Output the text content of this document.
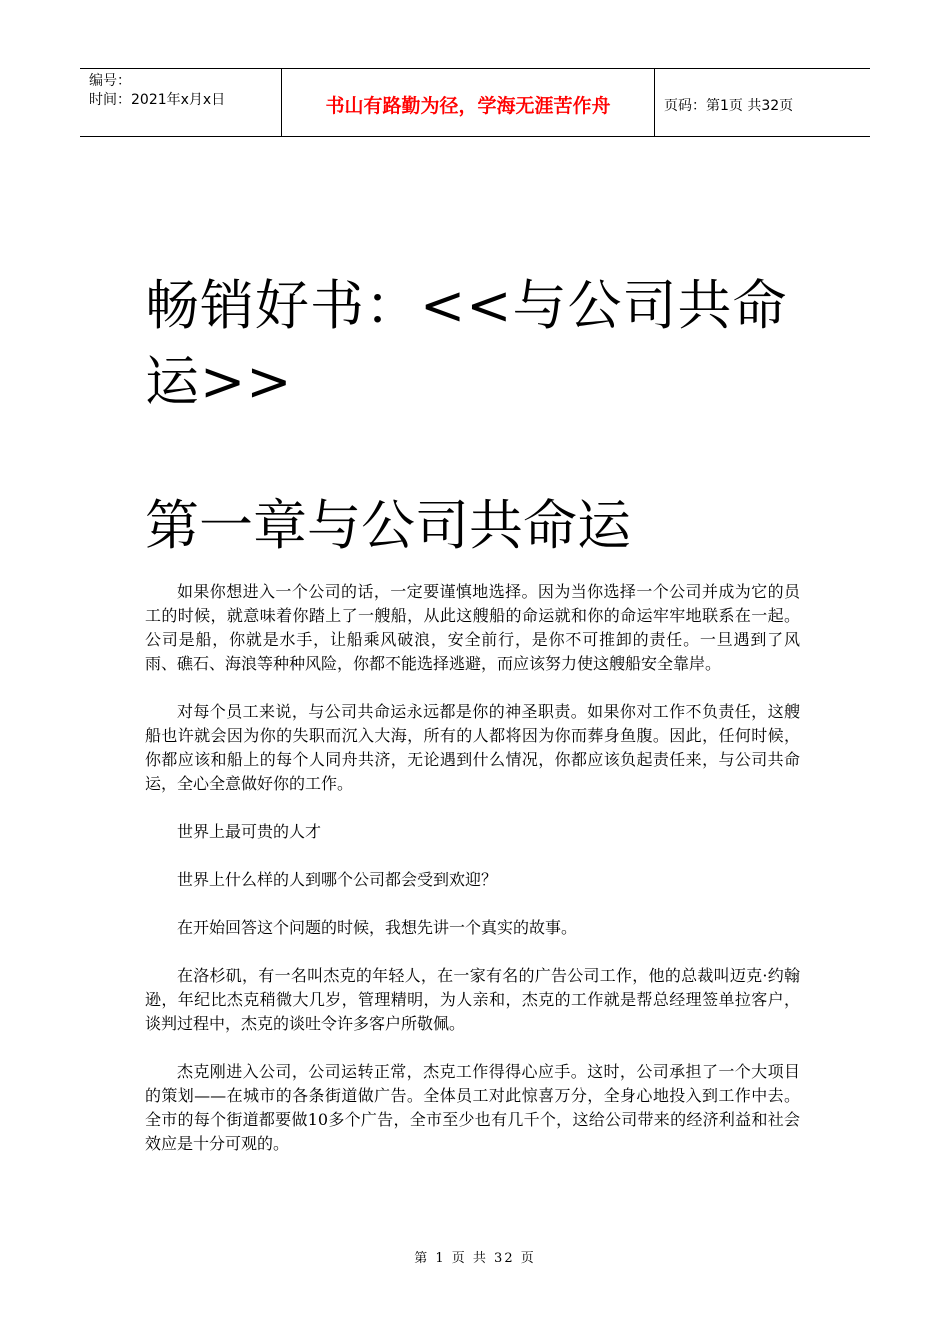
编号：
时间：2021年x月x日	书山有路勤为径，学海无涯苦作舟	页码：第1页 共32页
畅销好书：<<与公司共命运>>
第一章与公司共命运

如果你想进入一个公司的话，一定要谨慎地选择。因为当你选择一个公司并成为它的员工的时候，就意味着你踏上了一艘船，从此这艘船的命运就和你的命运牢牢地联系在一起。公司是船，你就是水手，让船乘风破浪，安全前行，是你不可推卸的责任。一旦遇到了风雨、礁石、海浪等种种风险，你都不能选择逃避，而应该努力使这艘船安全靠岸。

对每个员工来说，与公司共命运永远都是你的神圣职责。如果你对工作不负责任，这艘船也许就会因为你的失职而沉入大海，所有的人都将因为你而葬身鱼腹。因此，任何时候，你都应该和船上的每个人同舟共济，无论遇到什么情况，你都应该负起责任来，与公司共命运，全心全意做好你的工作。

世界上最可贵的人才

世界上什么样的人到哪个公司都会受到欢迎？

在开始回答这个问题的时候，我想先讲一个真实的故事。

在洛杉矶，有一名叫杰克的年轻人，在一家有名的广告公司工作，他的总裁叫迈克·约翰逊，年纪比杰克稍微大几岁，管理精明，为人亲和，杰克的工作就是帮总经理签单拉客户，谈判过程中，杰克的谈吐令许多客户所敬佩。

杰克刚进入公司，公司运转正常，杰克工作得得心应手。这时，公司承担了一个大项目的策划——在城市的各条街道做广告。全体员工对此惊喜万分，全身心地投入到工作中去。全市的每个街道都要做10多个广告，全市至少也有几千个，这给公司带来的经济利益和社会效应是十分可观的。

第 1 页 共 32 页
